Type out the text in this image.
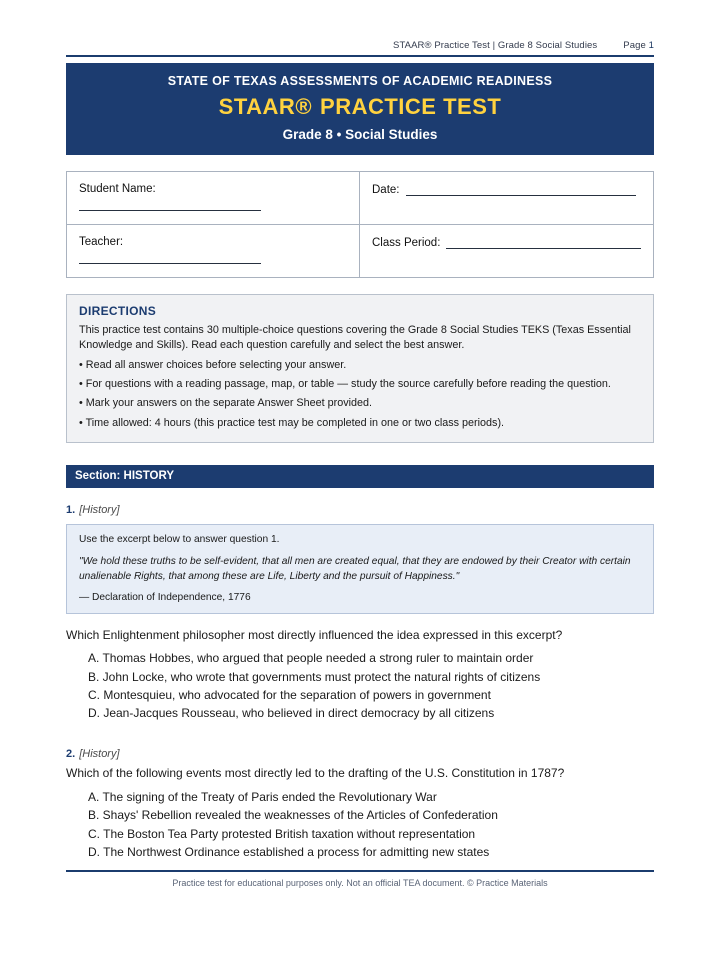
STAAR® Practice Test | Grade 8 Social Studies	Page 1
STATE OF TEXAS ASSESSMENTS OF ACADEMIC READINESS
STAAR® PRACTICE TEST
Grade 8 • Social Studies
Student Name:	Date:
Teacher:	Class Period:
DIRECTIONS

This practice test contains 30 multiple-choice questions covering the Grade 8 Social Studies TEKS (Texas Essential Knowledge and Skills). Read each question carefully and select the best answer.

• Read all answer choices before selecting your answer.
• For questions with a reading passage, map, or table — study the source carefully before reading the question.
• Mark your answers on the separate Answer Sheet provided.
• Time allowed: 4 hours (this practice test may be completed in one or two class periods).
Section: HISTORY
1. [History]
Use the excerpt below to answer question 1.
"We hold these truths to be self-evident, that all men are created equal, that they are endowed by their Creator with certain unalienable Rights, that among these are Life, Liberty and the pursuit of Happiness."
— Declaration of Independence, 1776
Which Enlightenment philosopher most directly influenced the idea expressed in this excerpt?
A. Thomas Hobbes, who argued that people needed a strong ruler to maintain order
B. John Locke, who wrote that governments must protect the natural rights of citizens
C. Montesquieu, who advocated for the separation of powers in government
D. Jean-Jacques Rousseau, who believed in direct democracy by all citizens
2. [History]
Which of the following events most directly led to the drafting of the U.S. Constitution in 1787?
A. The signing of the Treaty of Paris ended the Revolutionary War
B. Shays' Rebellion revealed the weaknesses of the Articles of Confederation
C. The Boston Tea Party protested British taxation without representation
D. The Northwest Ordinance established a process for admitting new states
Practice test for educational purposes only. Not an official TEA document. © Practice Materials
